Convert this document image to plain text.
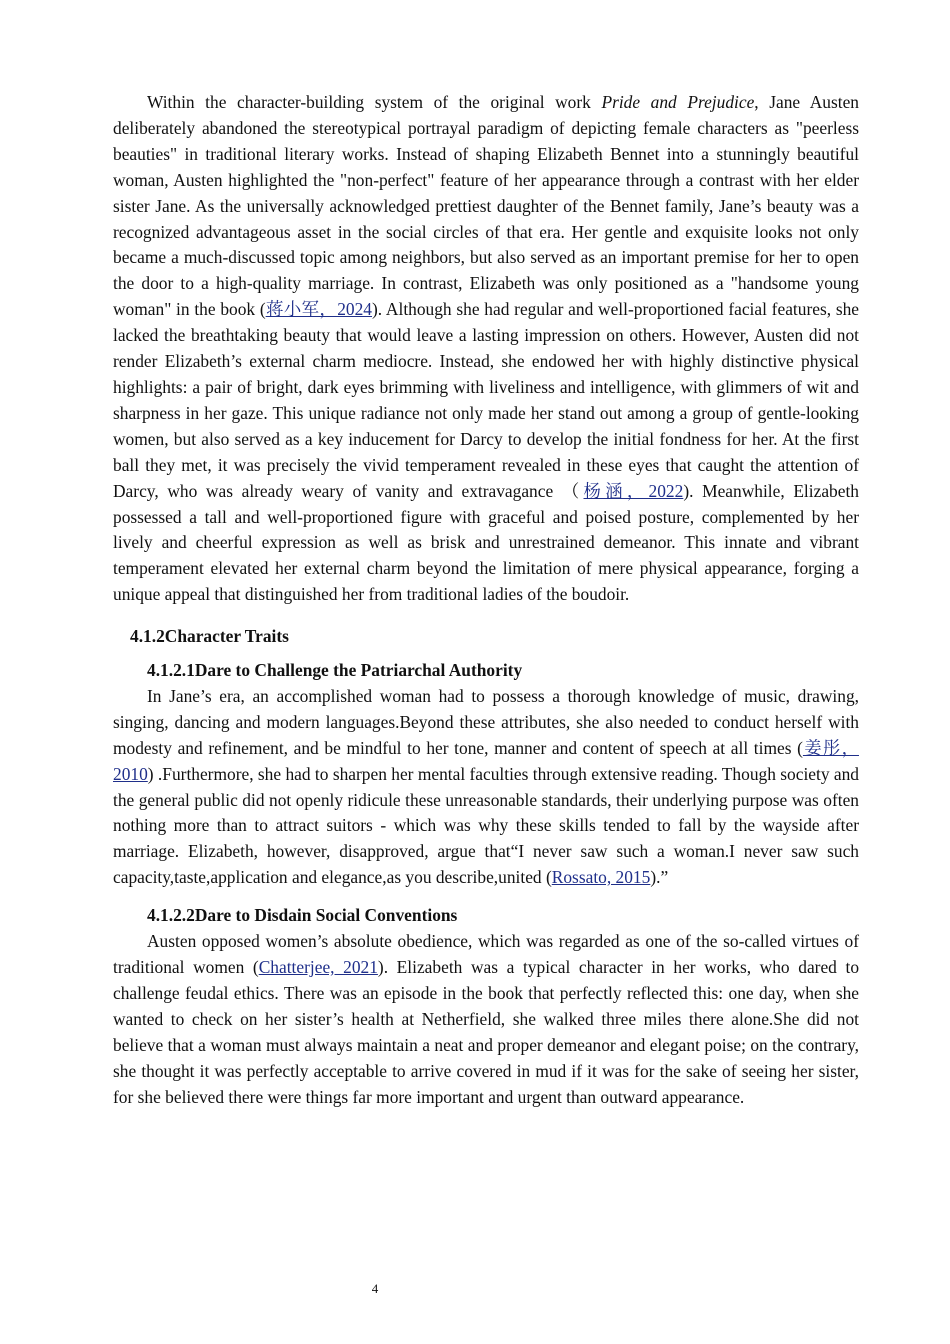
Within the character-building system of the original work Pride and Prejudice, Jane Austen deliberately abandoned the stereotypical portrayal paradigm of depicting female characters as "peerless beauties" in traditional literary works. Instead of shaping Elizabeth Bennet into a stunningly beautiful woman, Austen highlighted the "non-perfect" feature of her appearance through a contrast with her elder sister Jane. As the universally acknowledged prettiest daughter of the Bennet family, Jane’s beauty was a recognized advantageous asset in the social circles of that era. Her gentle and exquisite looks not only became a much-discussed topic among neighbors, but also served as an important premise for her to open the door to a high-quality marriage. In contrast, Elizabeth was only positioned as a "handsome young woman" in the book (蒋小军，2024). Although she had regular and well-proportioned facial features, she lacked the breathtaking beauty that would leave a lasting impression on others. However, Austen did not render Elizabeth’s external charm mediocre. Instead, she endowed her with highly distinctive physical highlights: a pair of bright, dark eyes brimming with liveliness and intelligence, with glimmers of wit and sharpness in her gaze. This unique radiance not only made her stand out among a group of gentle-looking women, but also served as a key inducement for Darcy to develop the initial fondness for her. At the first ball they met, it was precisely the vivid temperament revealed in these eyes that caught the attention of Darcy, who was already weary of vanity and extravagance （杨涵，2022). Meanwhile, Elizabeth possessed a tall and well-proportioned figure with graceful and poised posture, complemented by her lively and cheerful expression as well as brisk and unrestrained demeanor. This innate and vibrant temperament elevated her external charm beyond the limitation of mere physical appearance, forging a unique appeal that distinguished her from traditional ladies of the boudoir.

4.1.2Character Traits
4.1.2.1Dare to Challenge the Patriarchal Authority

In Jane’s era, an accomplished woman had to possess a thorough knowledge of music, drawing, singing, dancing and modern languages.Beyond these attributes, she also needed to conduct herself with modesty and refinement, and be mindful to her tone, manner and content of speech at all times (姜彤，2010) .Furthermore, she had to sharpen her mental faculties through extensive reading. Though society and the general public did not openly ridicule these unreasonable standards, their underlying purpose was often nothing more than to attract suitors - which was why these skills tended to fall by the wayside after marriage. Elizabeth, however, disapproved, argue that“I never saw such a woman.I never saw such capacity,taste,application and elegance,as you describe,united (Rossato, 2015).”

4.1.2.2Dare to Disdain Social Conventions

Austen opposed women’s absolute obedience, which was regarded as one of the so-called virtues of traditional women (Chatterjee, 2021). Elizabeth was a typical character in her works, who dared to challenge feudal ethics. There was an episode in the book that perfectly reflected this: one day, when she wanted to check on her sister’s health at Netherfield, she walked three miles there alone.She did not believe that a woman must always maintain a neat and proper demeanor and elegant poise; on the contrary, she thought it was perfectly acceptable to arrive covered in mud if it was for the sake of seeing her sister, for she believed there were things far more important and urgent than outward appearance.

4
